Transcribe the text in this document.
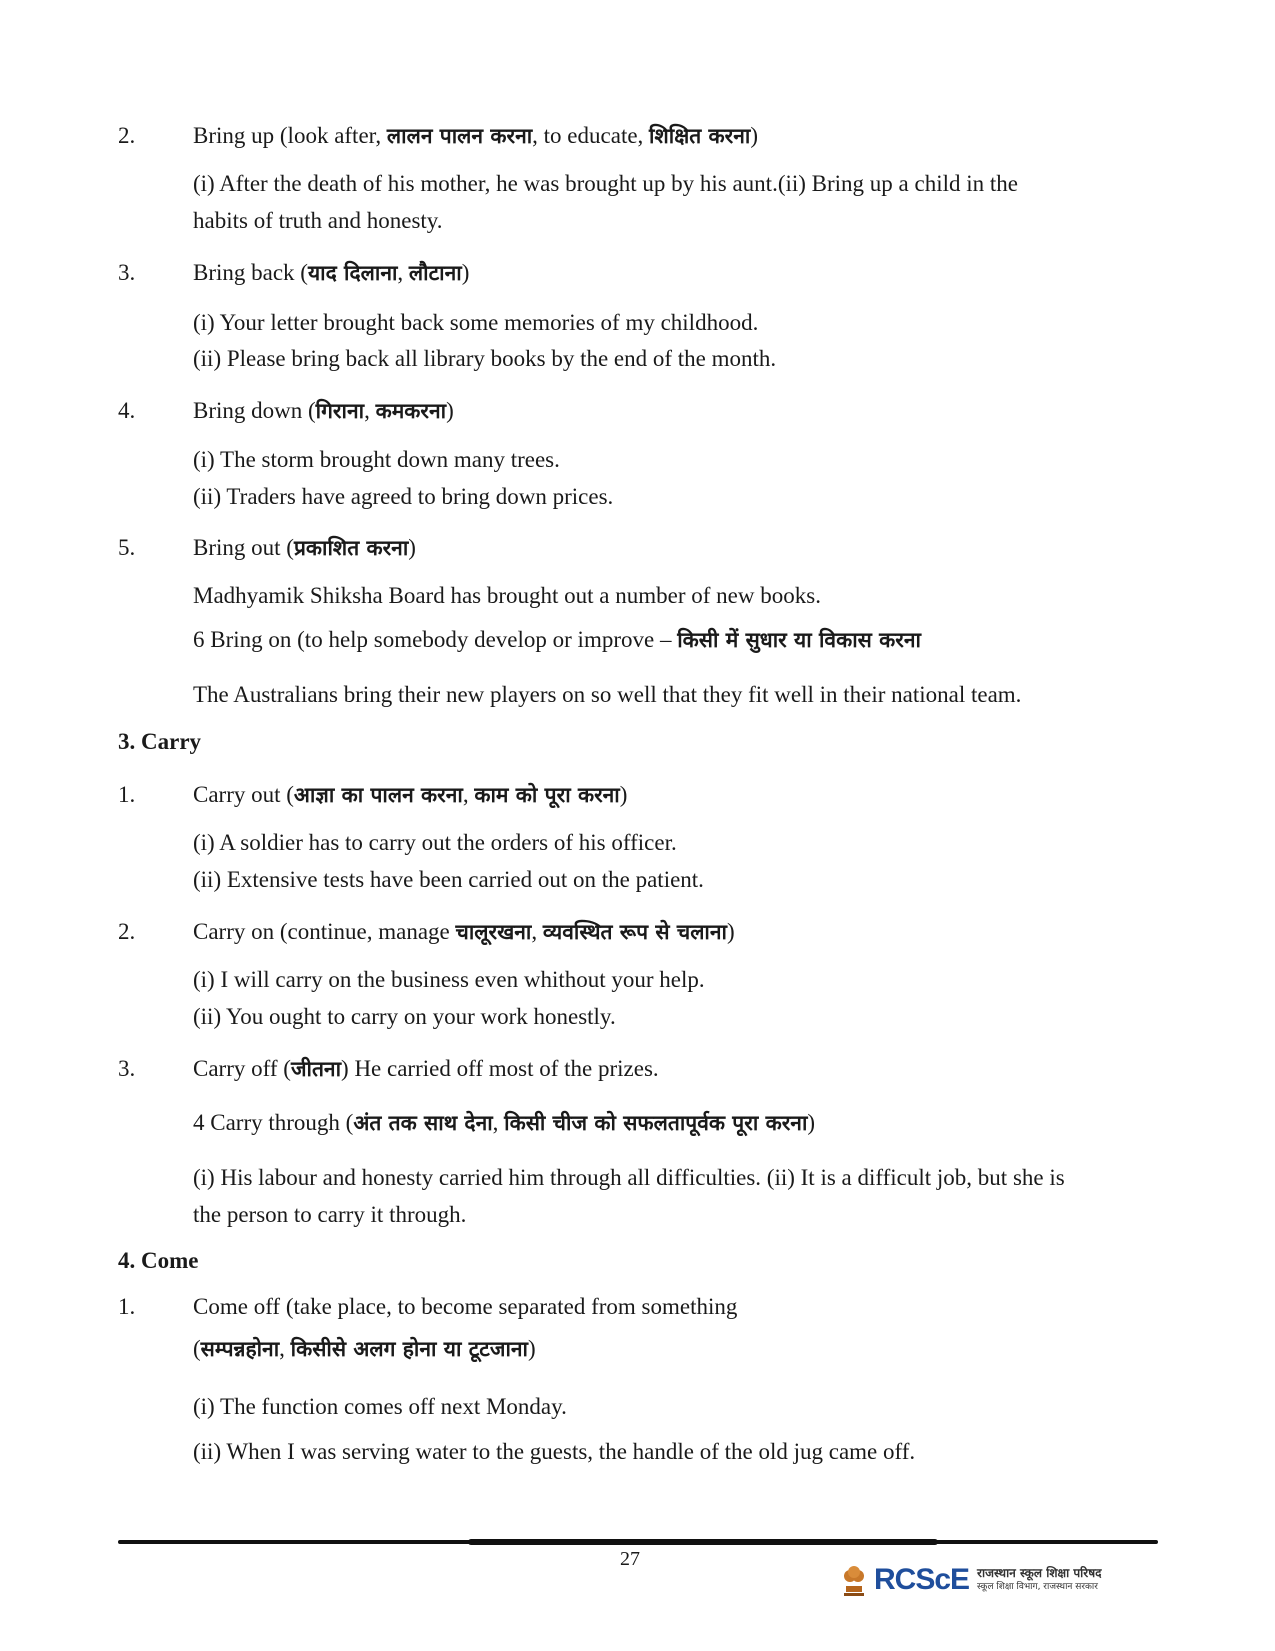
2.	Bring up (look after, लालन पालन करना, to educate, शिक्षित करना)
(i) After the death of his mother, he was brought up by his aunt.(ii) Bring up a child in the
habits of truth and honesty.
3.	Bring back (याद दिलाना, लौटाना)
(i) Your letter brought back some memories of my childhood.
(ii) Please bring back all library books by the end of the month.
4.	Bring down (गिराना, कमकरना)
(i) The storm brought down many trees.
(ii) Traders have agreed to bring down prices.
5.	Bring out (प्रकाशित करना)
Madhyamik Shiksha Board has brought out a number of new books.
6 Bring on (to help somebody develop or improve – किसी में सुधार या विकास करना
The Australians bring their new players on so well that they fit well in their national team.
3. Carry
1.	Carry out (आज्ञा का पालन करना, काम को पूरा करना)
(i) A soldier has to carry out the orders of his officer.
(ii) Extensive tests have been carried out on the patient.
2.	Carry on (continue, manage चालूरखना, व्यवस्थित रूप से चलाना)
(i) I will carry on the business even whithout your help.
(ii) You ought to carry on your work honestly.
3.	Carry off (जीतना) He carried off most of the prizes.
4 Carry through (अंत तक साथ देना, किसी चीज को सफलतापूर्वक पूरा करना)
(i) His labour and honesty carried him through all difficulties. (ii) It is a difficult job, but she is
the person to carry it through.
4. Come
1.	Come off (take place, to become separated from something
(सम्पन्नहोना, किसीसे अलग होना या टूटजाना)
(i) The function comes off next Monday.
(ii) When I was serving water to the guests, the handle of the old jug came off.
27
RCScE राजस्थान स्कूल शिक्षा परिषद
स्कूल शिक्षा विभाग, राजस्थान सरकार
